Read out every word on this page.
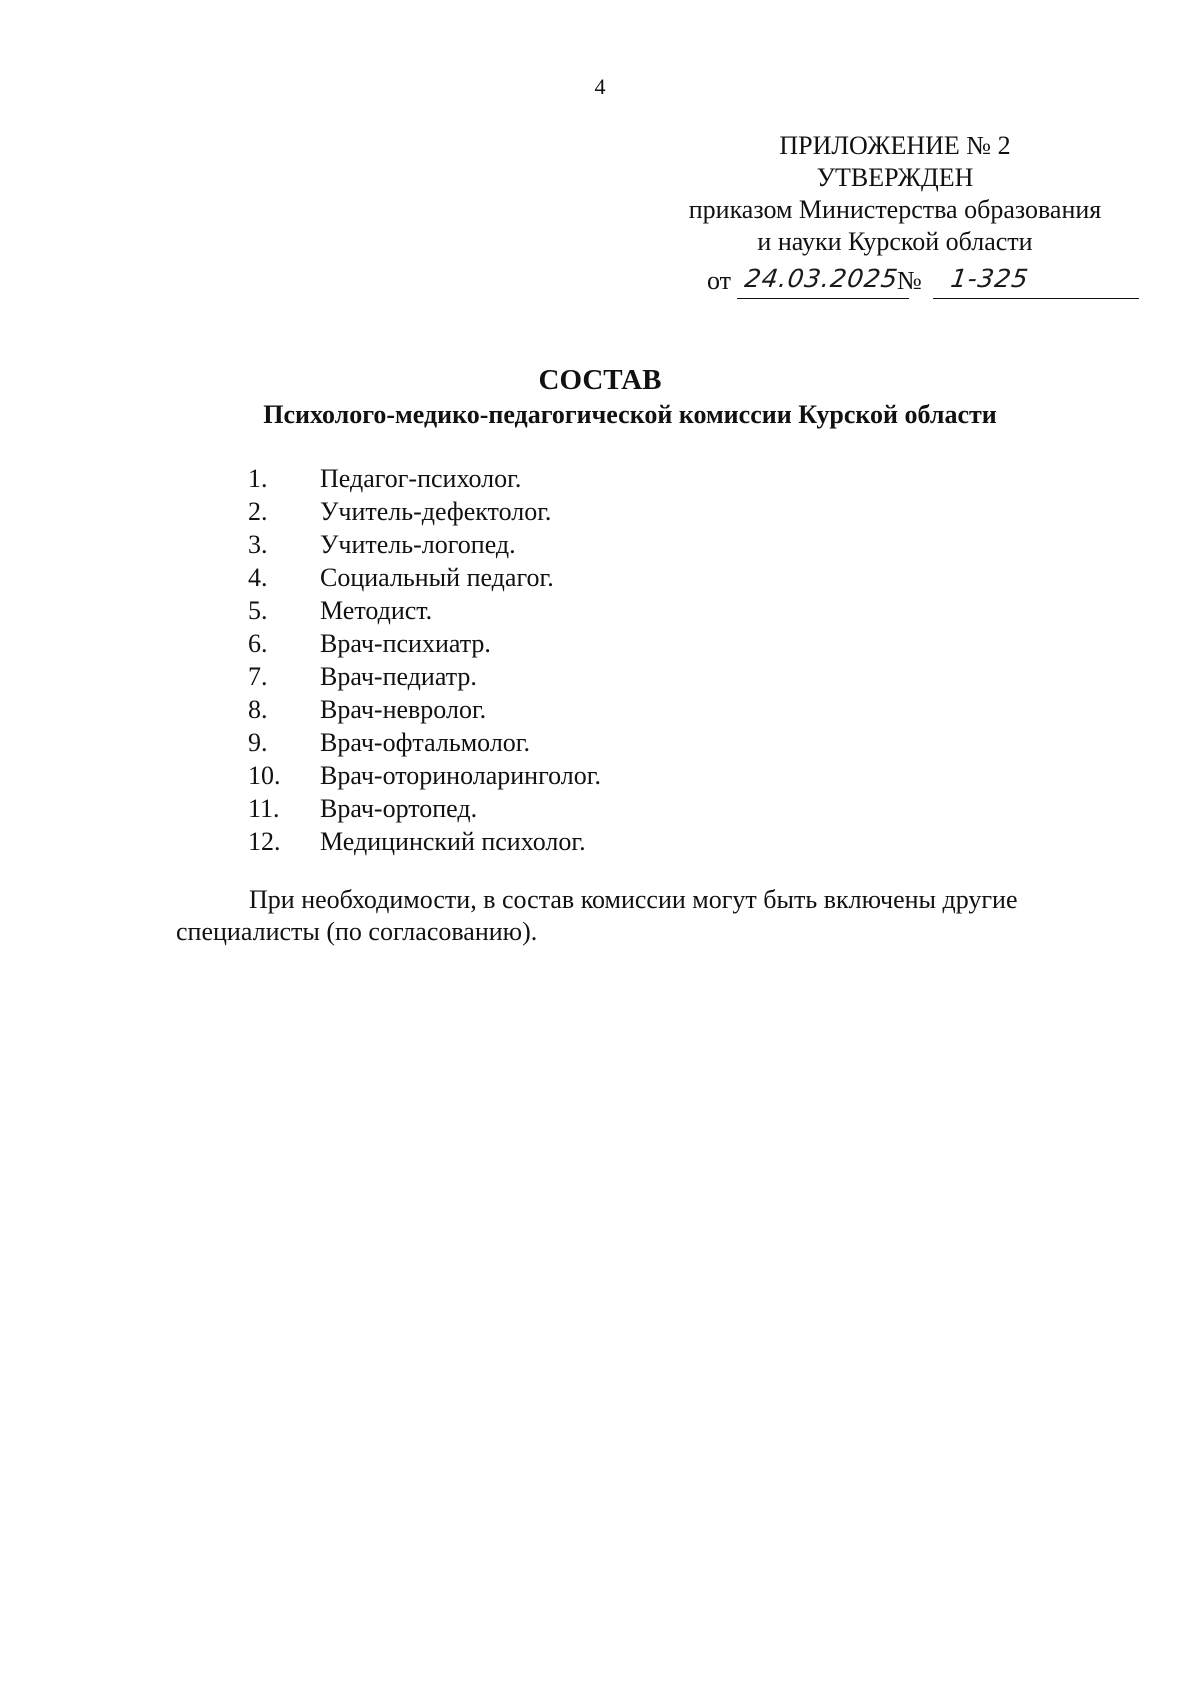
4
ПРИЛОЖЕНИЕ № 2
УТВЕРЖДЕН
приказом Министерства образования
и науки Курской области
от 24.03.2025
№ 1-325
СОСТАВ
Психолого-медико-педагогической комиссии Курской области
1. Педагог-психолог.
2. Учитель-дефектолог.
3. Учитель-логопед.
4. Социальный педагог.
5. Методист.
6. Врач-психиатр.
7. Врач-педиатр.
8. Врач-невролог.
9. Врач-офтальмолог.
10. Врач-оториноларинголог.
11. Врач-ортопед.
12. Медицинский психолог.

При необходимости, в состав комиссии могут быть включены другие специалисты (по согласованию).
